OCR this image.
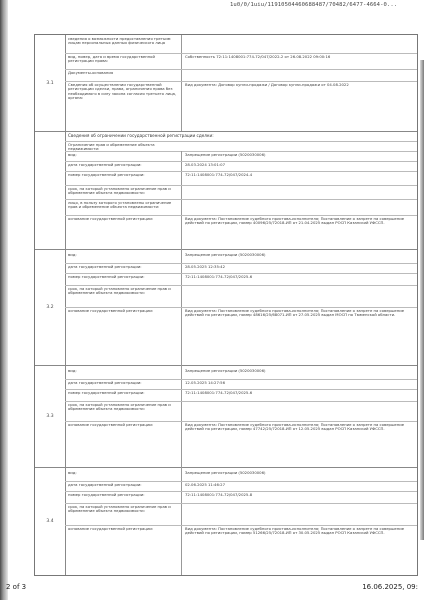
1u0/0/1uiu/11910504460688487/70482/6477-4664-0...
3.1
сведения о возможности предоставления третьим лицам персональных данных физического лица
вид, номер, дата и время государственной регистрации права:
Собственность 72:11:1408001:774-72/047/2022-2 от 26.08.2022 09:00:16
Документы-основания
Сведения об осуществлении государственной регистрации сделки, права, ограничения права без необходимого в силу закона согласия третьего лица, органа:
Вид документа: Договор купли-продажи / Договор купли-продажи от 04.08.2022
Сведения об ограничении государственной регистрации сделки:
Ограничение прав и обременение объекта недвижимости:
вид:	Запрещение регистрации (5020030006)
дата государственной регистрации:	28.03.2024 13:01:07
номер государственной регистрации:	72:11:1408001:774-72/047/2024-4
срок, на который установлено ограничение прав и обременение объекта недвижимости:
лицо, в пользу которого установлены ограничение прав и обременение объекта недвижимости:
основание государственной регистрации:	Вид документа: Постановление судебного пристава-исполнителя; Постановление о запрете на совершение действий по регистрации, номер 40096/25/72018-ИП от 21.04.2025 выдан РОСП Казанский УФССП.
3.2
вид:	Запрещение регистрации (5020030006)
дата государственной регистрации:	28.05.2025 12:35:42
номер государственной регистрации:	72:11:1408001:774-72/047/2025-6
срок, на который установлено ограничение прав и обременение объекта недвижимости:
основание государственной регистрации:	Вид документа: Постановление судебного пристава-исполнителя; Постановление о запрете на совершение действий по регистрации, номер 48616/25/68071-ИП от 27.05.2025 выдан МОСП по Тюменской области.
3.3
вид:	Запрещение регистрации (5020030006)
дата государственной регистрации:	12.05.2025 14:27:56
номер государственной регистрации:	72:11:1408001:774-72/047/2025-6
срок, на который установлено ограничение прав и обременение объекта недвижимости:
основание государственной регистрации:	Вид документа: Постановление судебного пристава-исполнителя; Постановление о запрете на совершение действий по регистрации, номер 47742/25/72018-ИП от 12.05.2025 выдан РОСП Казанский УФССП.
3.4
вид:	Запрещение регистрации (5020030006)
дата государственной регистрации:	02.06.2025 11:46:27
номер государственной регистрации:	72:11:1408001:774-72/047/2025-8
срок, на который установлено ограничение прав и обременение объекта недвижимости:
основание государственной регистрации:	Вид документа: Постановление судебного пристава-исполнителя; Постановление о запрете на совершение действий по регистрации, номер 51266/25/72018-ИП от 30.05.2025 выдан РОСП Казанский УФССП.
2 of 3	16.06.2025, 09:
